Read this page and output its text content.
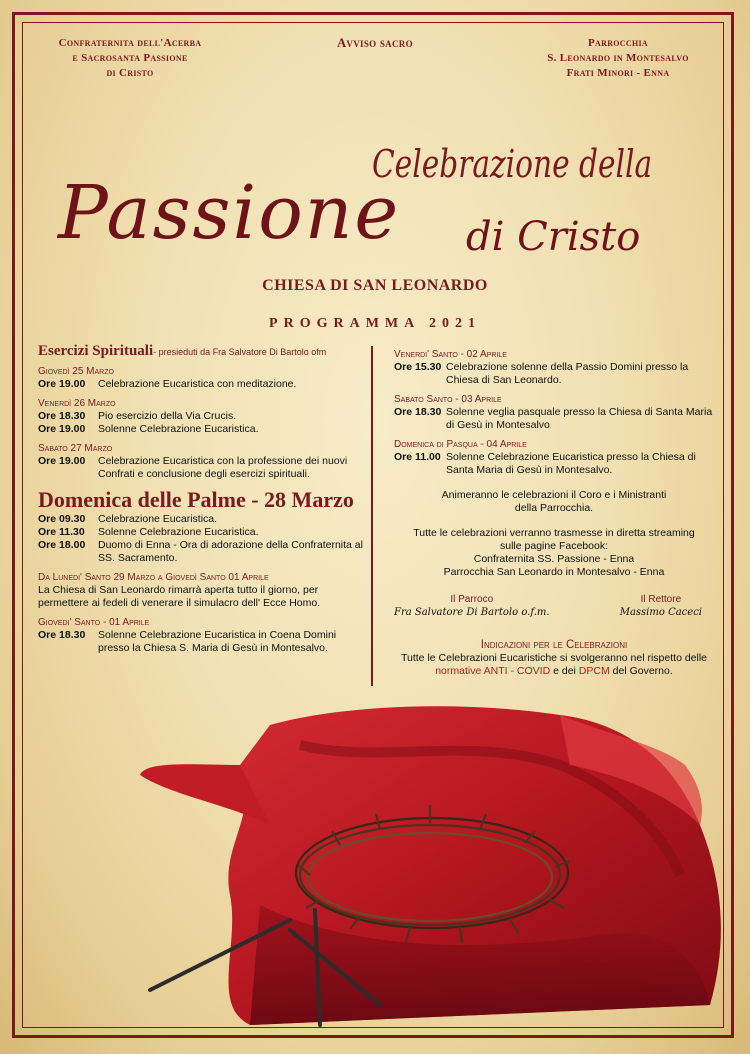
Confraternita dell'Acerba
e Sacrosanta Passione
di Cristo
Avviso sacro	Parrocchia
S. Leonardo in Montesalvo
Frati Minori - Enna
Celebrazione della
Passione di Cristo
CHIESA DI SAN LEONARDO
PROGRAMMA 2021
Esercizi Spirituali- presieduti da Fra Salvatore Di Bartolo ofm
Giovedì 25 Marzo
Ore 19.00	Celebrazione Eucaristica con meditazione.
Venerdì 26 Marzo
Ore 18.30	Pio esercizio della Via Crucis.
Ore 19.00	Solenne Celebrazione Eucaristica.
Sabato 27 Marzo
Ore 19.00	Celebrazione Eucaristica con la professione dei nuovi Confrati e conclusione degli esercizi spirituali.
Domenica delle Palme - 28 Marzo
Ore 09.30	Celebrazione Eucaristica.
Ore 11.30	Solenne Celebrazione Eucaristica.
Ore 18.00	Duomo di Enna - Ora di adorazione della Confraternita al SS. Sacramento.
Da Lunedi' Santo 29 Marzo a Giovedì Santo 01 Aprile
La Chiesa di San Leonardo rimarrà aperta tutto il giorno, per permettere ai fedeli di venerare il simulacro dell' Ecce Homo.
Giovedi' Santo - 01 Aprile
Ore 18.30	Solenne Celebrazione Eucaristica in Coena Domini presso la Chiesa S. Maria di Gesù in Montesalvo.
Venerdi' Santo - 02 Aprile
Ore 15.30 Celebrazione solenne della Passio Domini presso la Chiesa di San Leonardo.
Sabato Santo - 03 Aprile
Ore 18.30 Solenne veglia pasquale presso la Chiesa di Santa Maria di Gesù in Montesalvo
Domenica di Pasqua - 04 Aprile
Ore 11.00 Solenne Celebrazione Eucaristica presso la Chiesa di Santa Maria di Gesù in Montesalvo.
Animeranno le celebrazioni il Coro e i Ministranti della Parrocchia.
Tutte le celebrazioni verranno trasmesse in diretta streaming sulle pagine Facebook:
Confraternita SS. Passione - Enna
Parrocchia San Leonardo in Montesalvo - Enna
Il Parroco
Fra Salvatore Di Bartolo o.f.m.
Il Rettore
Massimo Caceci
Indicazioni per le Celebrazioni
Tutte le Celebrazioni Eucaristiche si svolgeranno nel rispetto delle normative ANTI - COVID e dei DPCM del Governo.
